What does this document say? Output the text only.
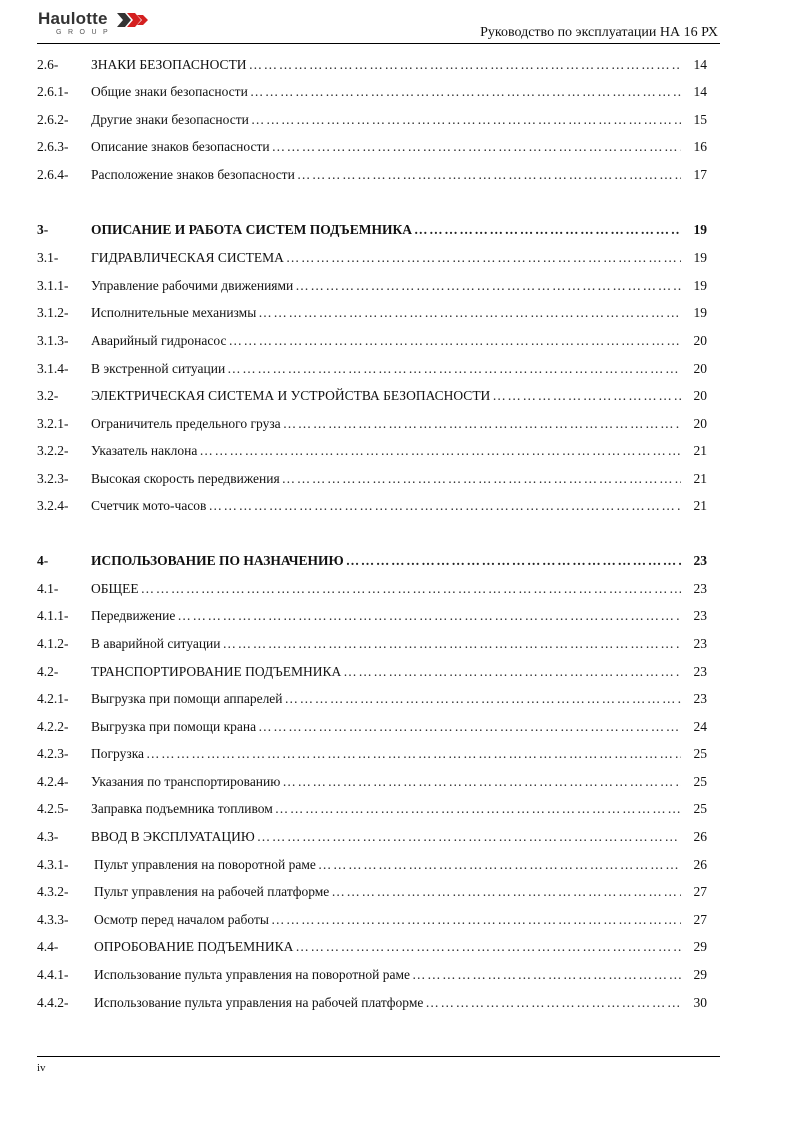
Haulotte
GROUP	Руководство по эксплуатации НА 16 РХ
2.6- ЗНАКИ БЕЗОПАСНОСТИ …………………………………………………………………………………………………………………………………………………………………………………………………………………	14
2.6.1- Общие знаки безопасности …………………………………………………………………………………………………………………………………………………………………………………………………………………	14
2.6.2- Другие знаки безопасности …………………………………………………………………………………………………………………………………………………………………………………………………………………	15
2.6.3- Описание знаков безопасности …………………………………………………………………………………………………………………………………………………………………………………………………………………	16
2.6.4- Расположение знаков безопасности …………………………………………………………………………………………………………………………………………………………………………………………………………………	17
3-	ОПИСАНИЕ И РАБОТА СИСТЕМ ПОДЪЕМНИКА …………………………………………………………………………………………………………………………………………………………………………………………………………………	19
3.1- ГИДРАВЛИЧЕСКАЯ СИСТЕМА …………………………………………………………………………………………………………………………………………………………………………………………………………………	19
3.1.1- Управление рабочими движениями …………………………………………………………………………………………………………………………………………………………………………………………………………………	19
3.1.2- Исполнительные механизмы …………………………………………………………………………………………………………………………………………………………………………………………………………………	19
3.1.3- Аварийный гидронасос …………………………………………………………………………………………………………………………………………………………………………………………………………………	20
3.1.4- В экстренной ситуации …………………………………………………………………………………………………………………………………………………………………………………………………………………	20
3.2- ЭЛЕКТРИЧЕСКАЯ СИСТЕМА И УСТРОЙСТВА БЕЗОПАСНОСТИ …………………………………………………………………………………………………………………………………………………………………………………………………………………	20
3.2.1- Ограничитель предельного груза …………………………………………………………………………………………………………………………………………………………………………………………………………………	20
3.2.2- Указатель наклона …………………………………………………………………………………………………………………………………………………………………………………………………………………	21
3.2.3- Высокая скорость передвижения …………………………………………………………………………………………………………………………………………………………………………………………………………………	21
3.2.4- Счетчик мото-часов …………………………………………………………………………………………………………………………………………………………………………………………………………………	21
4-	ИСПОЛЬЗОВАНИЕ ПО НАЗНАЧЕНИЮ …………………………………………………………………………………………………………………………………………………………………………………………………………………	23
4.1- ОБЩЕЕ …………………………………………………………………………………………………………………………………………………………………………………………………………………	23
4.1.1- Передвижение …………………………………………………………………………………………………………………………………………………………………………………………………………………	23
4.1.2- В аварийной ситуации …………………………………………………………………………………………………………………………………………………………………………………………………………………	23
4.2- ТРАНСПОРТИРОВАНИЕ ПОДЪЕМНИКА …………………………………………………………………………………………………………………………………………………………………………………………………………………	23
4.2.1- Выгрузка при помощи аппарелей …………………………………………………………………………………………………………………………………………………………………………………………………………………	23
4.2.2- Выгрузка при помощи крана …………………………………………………………………………………………………………………………………………………………………………………………………………………	24
4.2.3- Погрузка …………………………………………………………………………………………………………………………………………………………………………………………………………………	25
4.2.4- Указания по транспортированию …………………………………………………………………………………………………………………………………………………………………………………………………………………	25
4.2.5- Заправка подъемника топливом …………………………………………………………………………………………………………………………………………………………………………………………………………………	25
4.3- ВВОД В ЭКСПЛУАТАЦИЮ …………………………………………………………………………………………………………………………………………………………………………………………………………………	26
4.3.1- Пульт управления на поворотной раме …………………………………………………………………………………………………………………………………………………………………………………………………………………	26
4.3.2- Пульт управления на рабочей платформе …………………………………………………………………………………………………………………………………………………………………………………………………………………	27
4.3.3- Осмотр перед началом работы …………………………………………………………………………………………………………………………………………………………………………………………………………………	27
4.4-	ОПРОБОВАНИЕ ПОДЪЕМНИКА …………………………………………………………………………………………………………………………………………………………………………………………………………………	29
4.4.1- Использование пульта управления на поворотной раме …………………………………………………………………………………………………………………………………………………………………………………………………………………	29
4.4.2- Использование пульта управления на рабочей платформе …………………………………………………………………………………………………………………………………………………………………………………………………………………	30
iv
